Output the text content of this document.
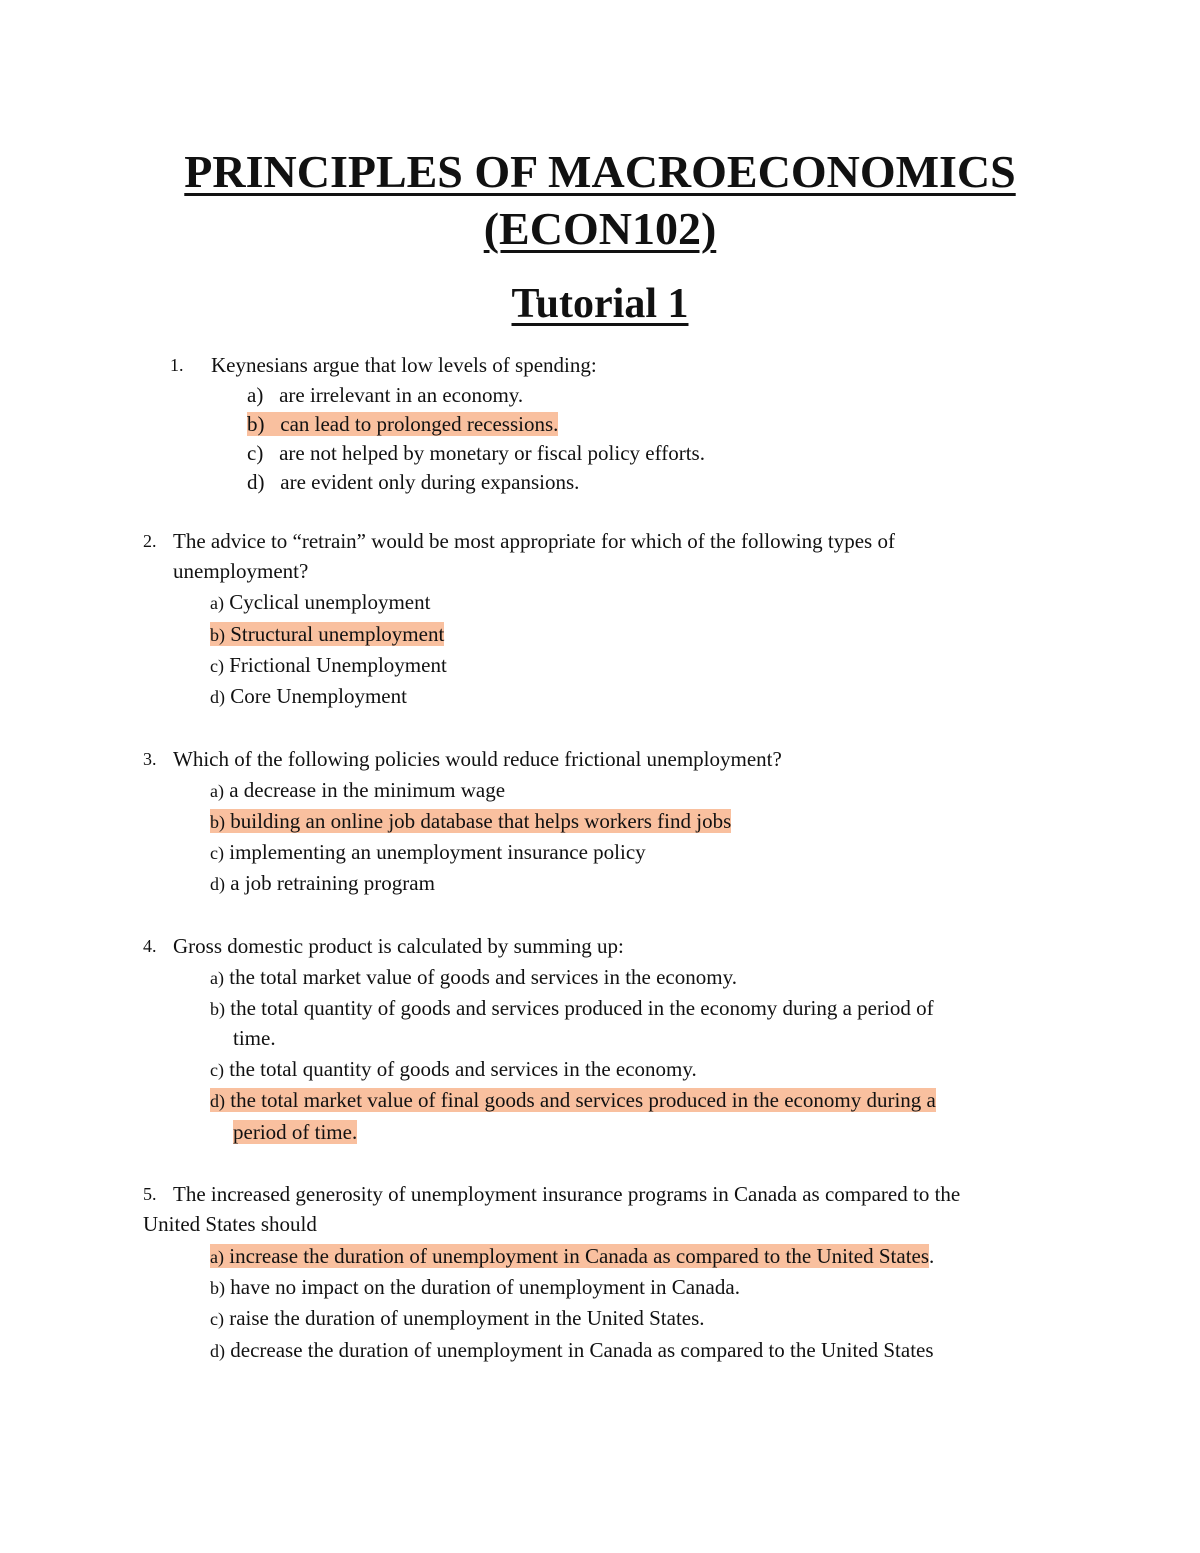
PRINCIPLES OF MACROECONOMICS
(ECON102)
Tutorial 1
1. Keynesians argue that low levels of spending:
a) are irrelevant in an economy.
b) can lead to prolonged recessions.
c) are not helped by monetary or fiscal policy efforts.
d) are evident only during expansions.
2. The advice to “retrain” would be most appropriate for which of the following types of
unemployment?
a) Cyclical unemployment
b) Structural unemployment
c) Frictional Unemployment
d) Core Unemployment
3. Which of the following policies would reduce frictional unemployment?
a) a decrease in the minimum wage
b) building an online job database that helps workers find jobs
c) implementing an unemployment insurance policy
d) a job retraining program
4. Gross domestic product is calculated by summing up:
a) the total market value of goods and services in the economy.
b) the total quantity of goods and services produced in the economy during a period of
time.
c) the total quantity of goods and services in the economy.
d) the total market value of final goods and services produced in the economy during a
period of time.
5. The increased generosity of unemployment insurance programs in Canada as compared to the
United States should
a) increase the duration of unemployment in Canada as compared to the United States.
b) have no impact on the duration of unemployment in Canada.
c) raise the duration of unemployment in the United States.
d) decrease the duration of unemployment in Canada as compared to the United States
